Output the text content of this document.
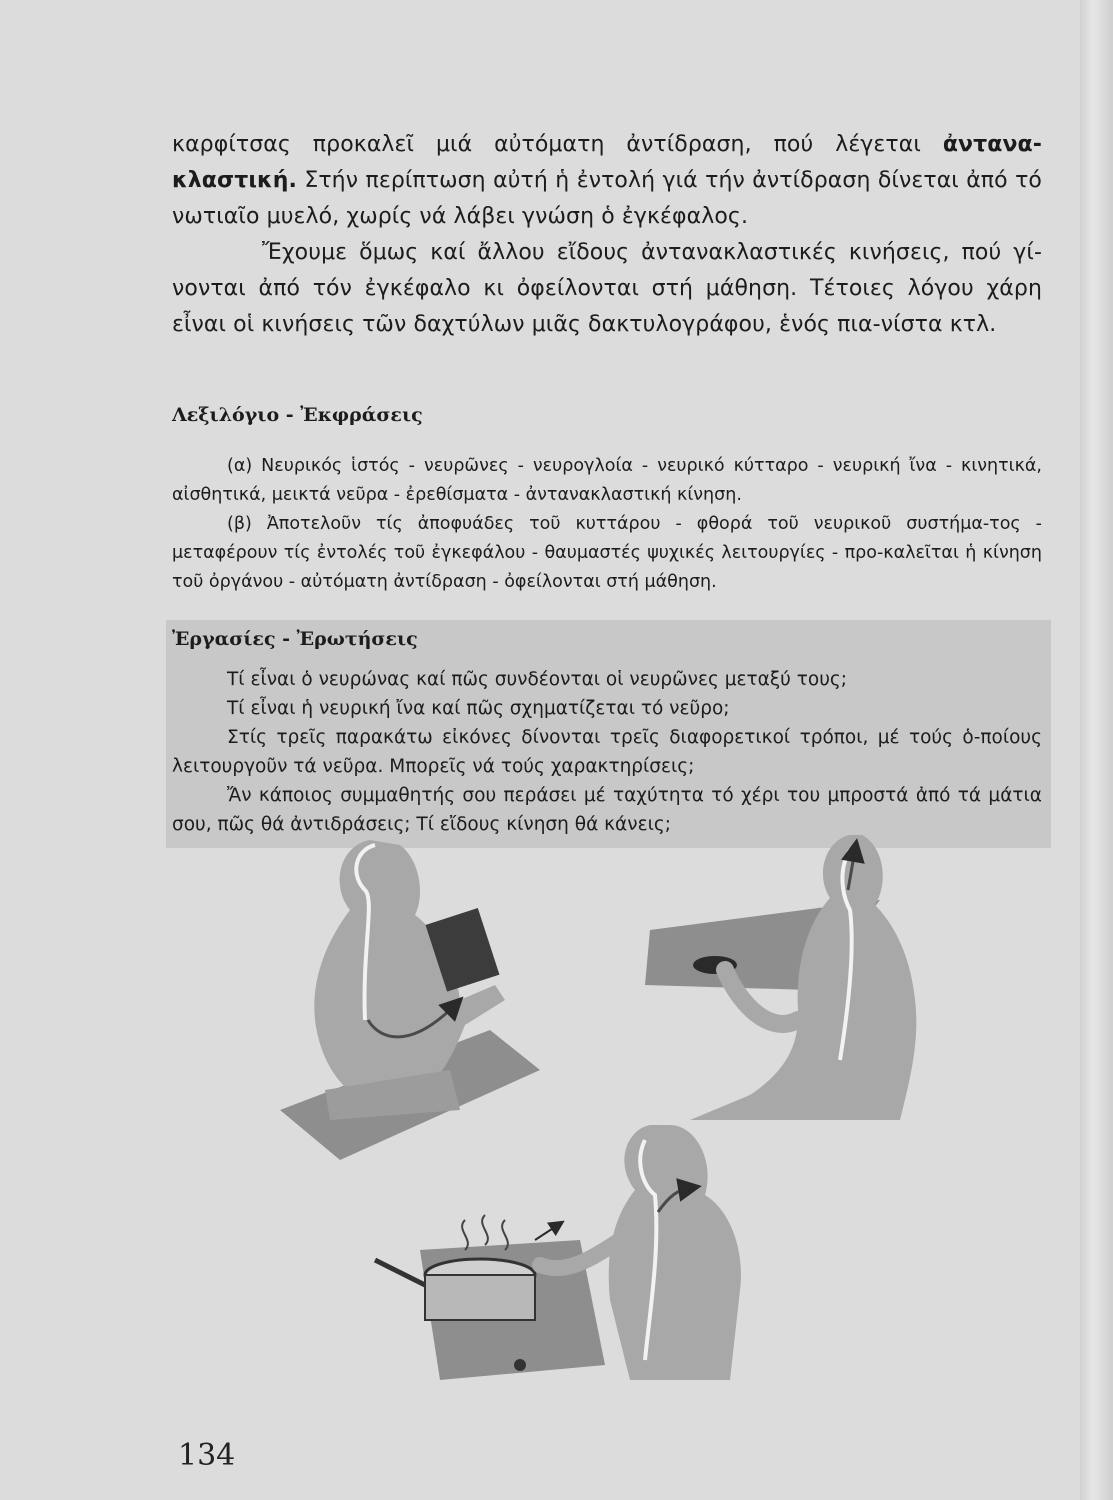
καρφίτσας προκαλεῖ μιά αὐτόματη ἀντίδραση, πού λέγεται ἀντανα-κλαστική. Στήν περίπτωση αὐτή ἡ ἐντολή γιά τήν ἀντίδραση δίνεται ἀπό τό νωτιαῖο μυελό, χωρίς νά λάβει γνώση ὁ ἐγκέφαλος.

Ἔχουμε ὅμως καί ἄλλου εἴδους ἀντανακλαστικές κινήσεις, πού γί-νονται ἀπό τόν ἐγκέφαλο κι ὀφείλονται στή μάθηση. Τέτοιες λόγου χάρη εἶναι οἱ κινήσεις τῶν δαχτύλων μιᾶς δακτυλογράφου, ἑνός πια-νίστα κτλ.

Λεξιλόγιο - Ἐκφράσεις

(α) Νευρικός ἱστός - νευρῶνες - νευρογλοία - νευρικό κύτταρο - νευρική ἴνα - κινητικά, αἰσθητικά, μεικτά νεῦρα - ἐρεθίσματα - ἀντανακλαστική κίνηση.

(β) Ἀποτελοῦν τίς ἀποφυάδες τοῦ κυττάρου - φθορά τοῦ νευρικοῦ συστήμα-τος - μεταφέρουν τίς ἐντολές τοῦ ἐγκεφάλου - θαυμαστές ψυχικές λειτουργίες - προ-καλεῖται ἡ κίνηση τοῦ ὀργάνου - αὐτόματη ἀντίδραση - ὀφείλονται στή μάθηση.

Ἐργασίες - Ἐρωτήσεις

Τί εἶναι ὁ νευρώνας καί πῶς συνδέονται οἱ νευρῶνες μεταξύ τους;

Τί εἶναι ἡ νευρική ἴνα καί πῶς σχηματίζεται τό νεῦρο;

Στίς τρεῖς παρακάτω εἰκόνες δίνονται τρεῖς διαφορετικοί τρόποι, μέ τούς ὁ-ποίους λειτουργοῦν τά νεῦρα. Μπορεῖς νά τούς χαρακτηρίσεις;

Ἄν κάποιος συμμαθητής σου περάσει μέ ταχύτητα τό χέρι του μπροστά ἀπό τά μάτια σου, πῶς θά ἀντιδράσεις; Τί εἴδους κίνηση θά κάνεις;

134
